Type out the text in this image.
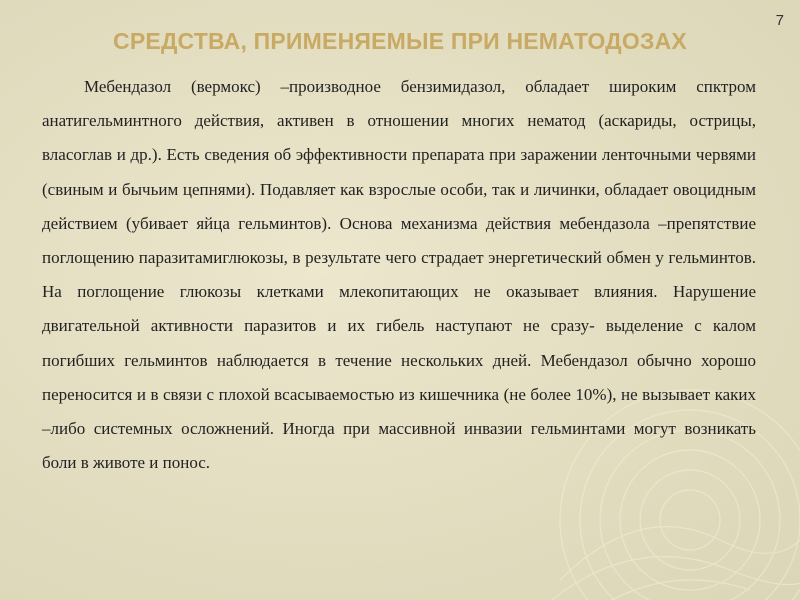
7
СРЕДСТВА, ПРИМЕНЯЕМЫЕ ПРИ НЕМАТОДОЗАХ

Мебендазол (вермокс) –производное бензимидазол, обладает широким спктром анатигельминтного действия, активен в отношении многих нематод (аскариды, острицы, власоглав и др.). Есть сведения об эффективности препарата при заражении ленточными червями (свиным и бычьим цепнями). Подавляет как взрослые особи, так и личинки, обладает овоцидным действием (убивает яйца гельминтов). Основа механизма действия мебендазола –препятствие поглощению паразитамиглюкозы, в результате чего страдает энергетический обмен у гельминтов. На поглощение глюкозы клетками млекопитающих не оказывает влияния. Нарушение двигательной активности паразитов и их гибель наступают не сразу- выделение с калом погибших гельминтов наблюдается в течение нескольких дней. Мебендазол обычно хорошо переносится и в связи с плохой всасываемостью из кишечника (не более 10%), не вызывает каких –либо системных осложнений. Иногда при массивной инвазии гельминтами могут возникать боли в животе и понос.
